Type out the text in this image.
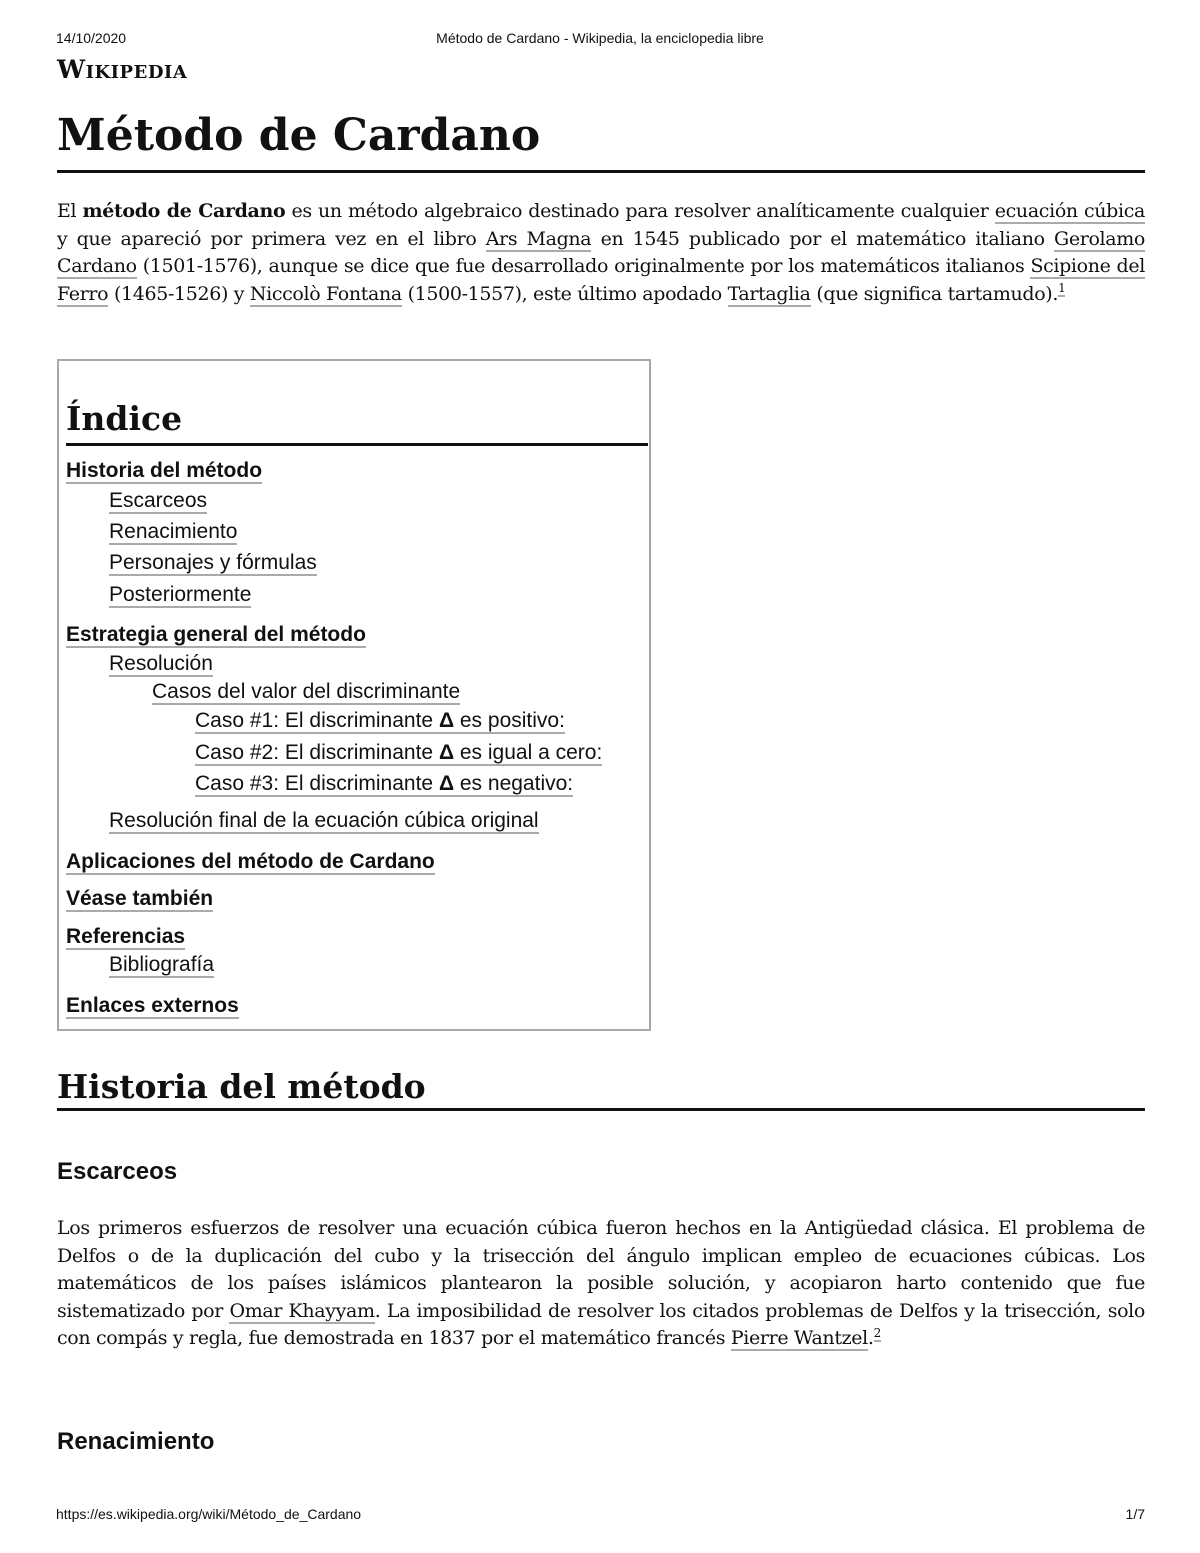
14/10/2020	Método de Cardano - Wikipedia, la enciclopedia libre
Wikipedia
Método de Cardano

El método de Cardano es un método algebraico destinado para resolver analíticamente cualquier ecuación cúbica y que apareció por primera vez en el libro Ars Magna en 1545 publicado por el matemático italiano Gerolamo Cardano (1501-1576), aunque se dice que fue desarrollado originalmente por los matemáticos italianos Scipione del Ferro (1465-1526) y Niccolò Fontana (1500-1557), este último apodado Tartaglia (que significa tartamudo).$^1$

Índice
Historia del método
Escarceos
Renacimiento
Personajes y fórmulas
Posteriormente
Estrategia general del método
Resolución
Casos del valor del discriminante
Caso #1: El discriminante Δ es positivo:
Caso #2: El discriminante Δ es igual a cero:
Caso #3: El discriminante Δ es negativo:
Resolución final de la ecuación cúbica original
Aplicaciones del método de Cardano
Véase también
Referencias
Bibliografía
Enlaces externos
Historia del método
Escarceos

Los primeros esfuerzos de resolver una ecuación cúbica fueron hechos en la Antigüedad clásica. El problema de Delfos o de la duplicación del cubo y la trisección del ángulo implican empleo de ecuaciones cúbicas. Los matemáticos de los países islámicos plantearon la posible solución, y acopiaron harto contenido que fue sistematizado por Omar Khayyam. La imposibilidad de resolver los citados problemas de Delfos y la trisección, solo con compás y regla, fue demostrada en 1837 por el matemático francés Pierre Wantzel.$^2$

Renacimiento
https://es.wikipedia.org/wiki/Método_de_Cardano	1/7
